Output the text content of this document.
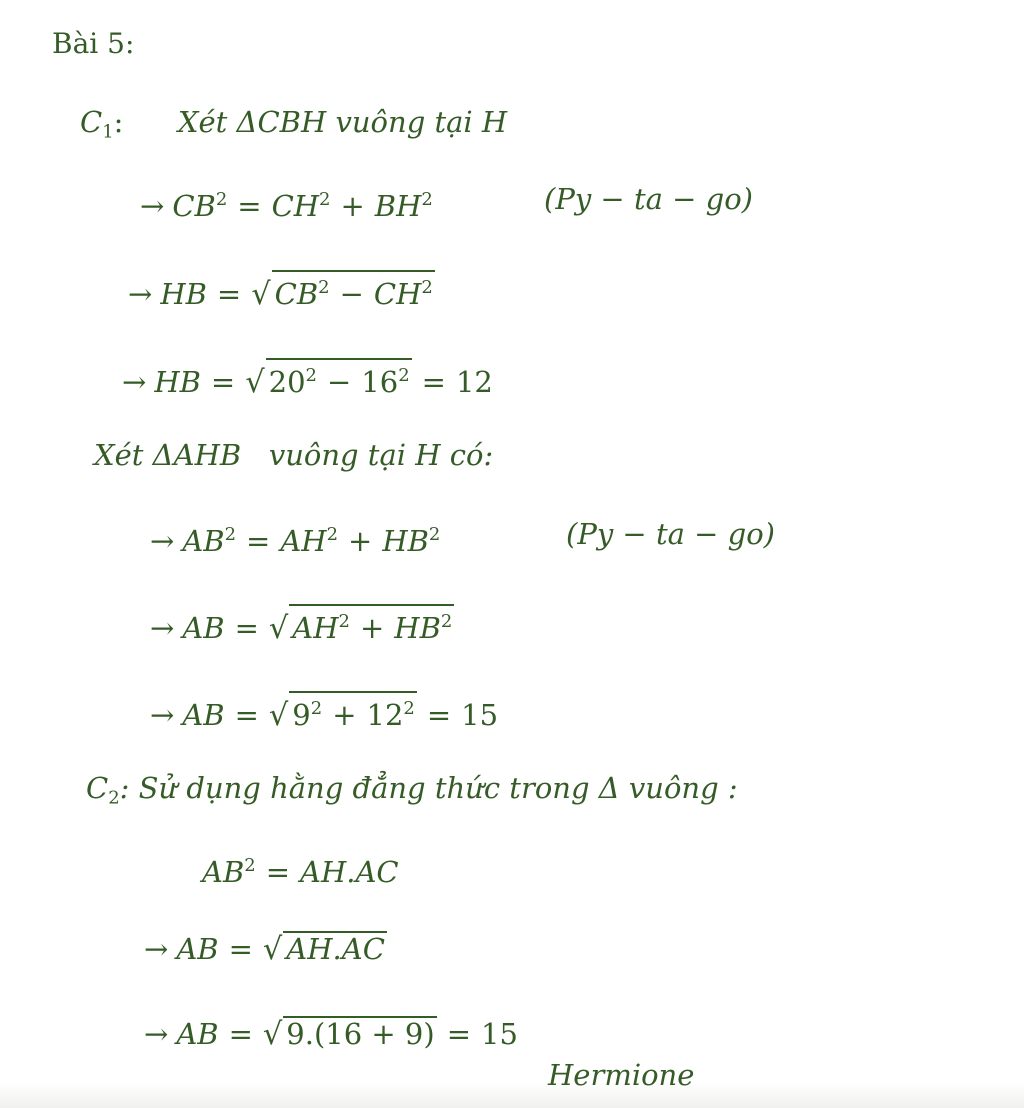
Bài 5:
$C_1$: Xét ΔCBH vuông tại H
→ $CB^2 = CH^2 + BH^2$	(Py − ta − go)
→ HB = √ $CB^2 - CH^2$
→ HB = √ $20^2 - 16^2 = 12$
Xét ΔAHB   vuông tại H có:
→ $AB^2 = AH^2 + HB^2$	(Py − ta − go)
→ AB = √ $AH^2 + HB^2$
→ AB = √ $9^2 + 12^2 = 15$
$C_2$: Sử dụng hằng đẳng thức trong Δ vuông :
$AB^2 = AH.AC$
→ AB = √ AH.AC
→ AB = √ 9.(16 + 9) = 15
Hermione
